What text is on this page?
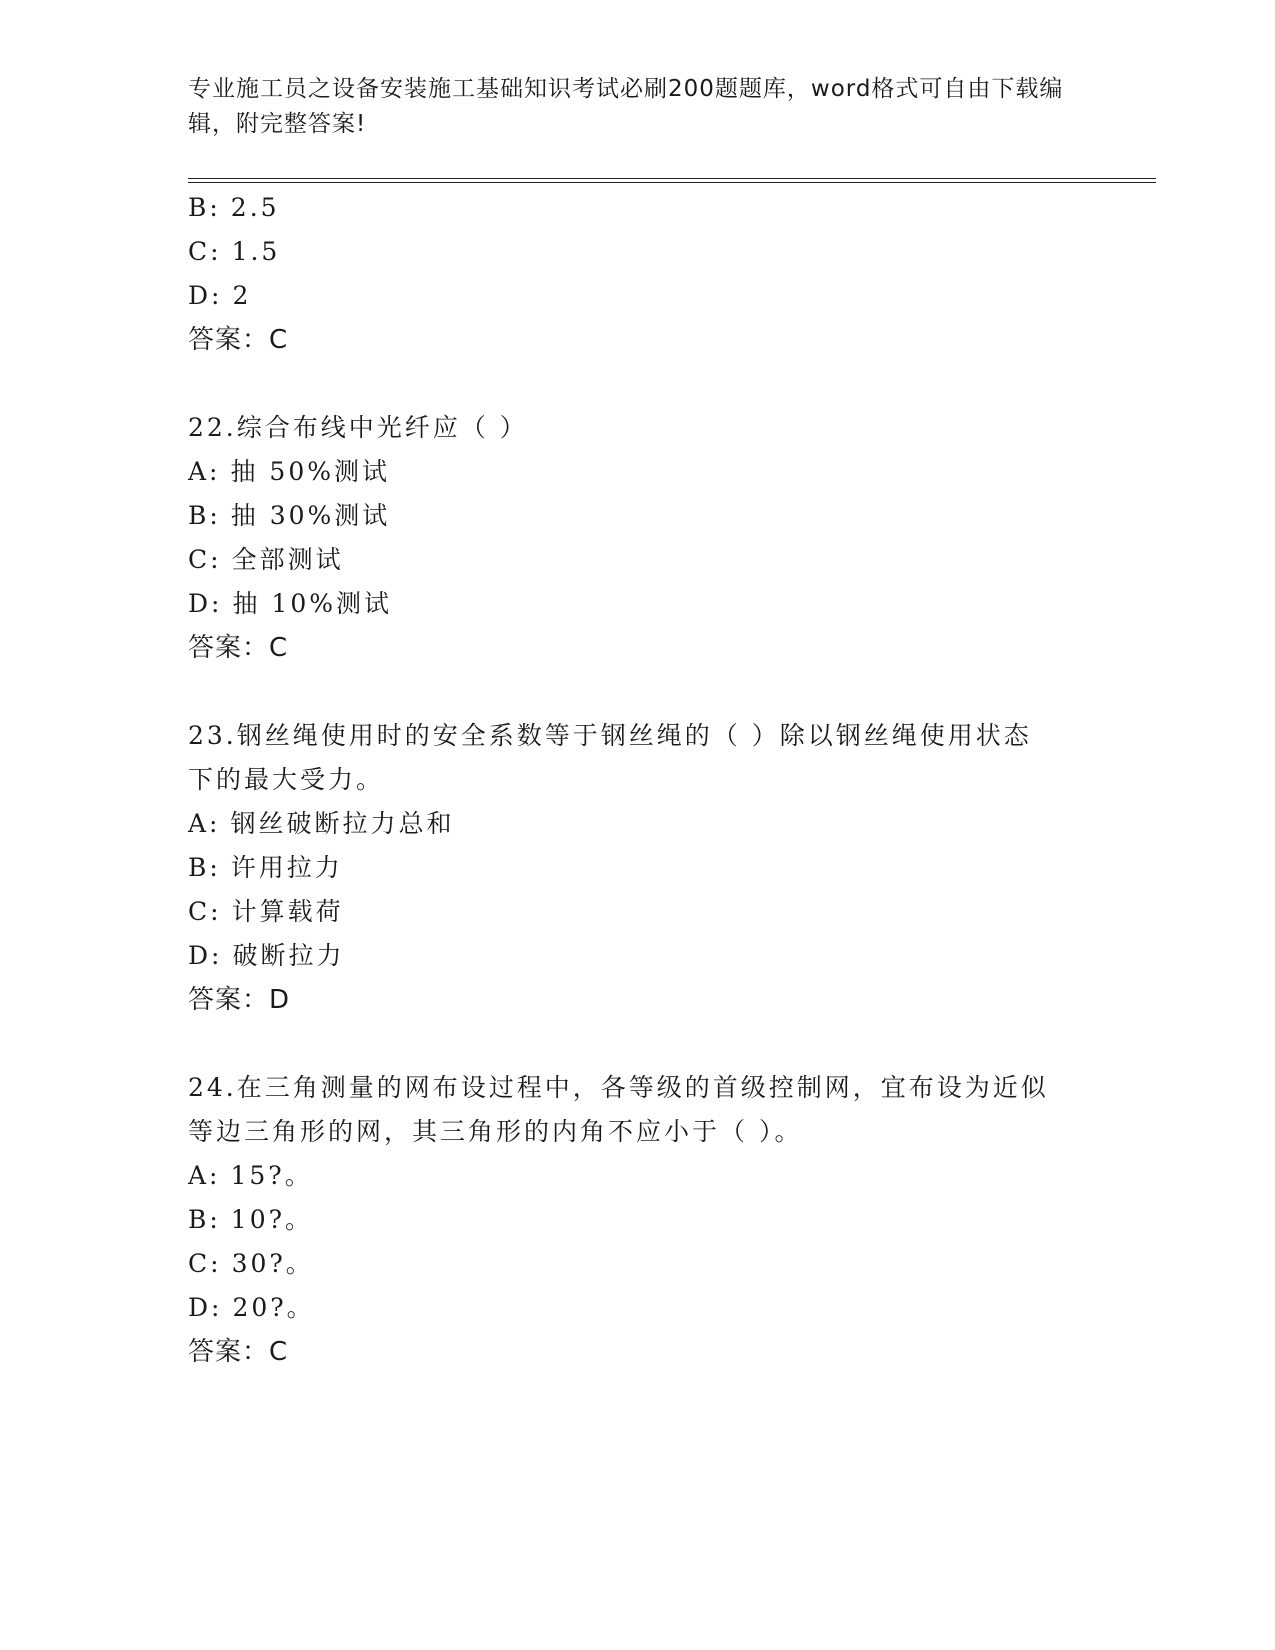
专业施工员之设备安装施工基础知识考试必刷200题题库，word格式可自由下载编辑，附完整答案!
B: 2.5
C: 1.5
D: 2
答案：C
22.综合布线中光纤应（ ）
A: 抽 50%测试
B: 抽 30%测试
C: 全部测试
D: 抽 10%测试
答案：C
23.钢丝绳使用时的安全系数等于钢丝绳的（ ）除以钢丝绳使用状态
下的最大受力。
A: 钢丝破断拉力总和
B: 许用拉力
C: 计算载荷
D: 破断拉力
答案：D
24.在三角测量的网布设过程中，各等级的首级控制网，宜布设为近似
等边三角形的网，其三角形的内角不应小于（ ）。
A: 15?。
B: 10?。
C: 30?。
D: 20?。
答案：C
